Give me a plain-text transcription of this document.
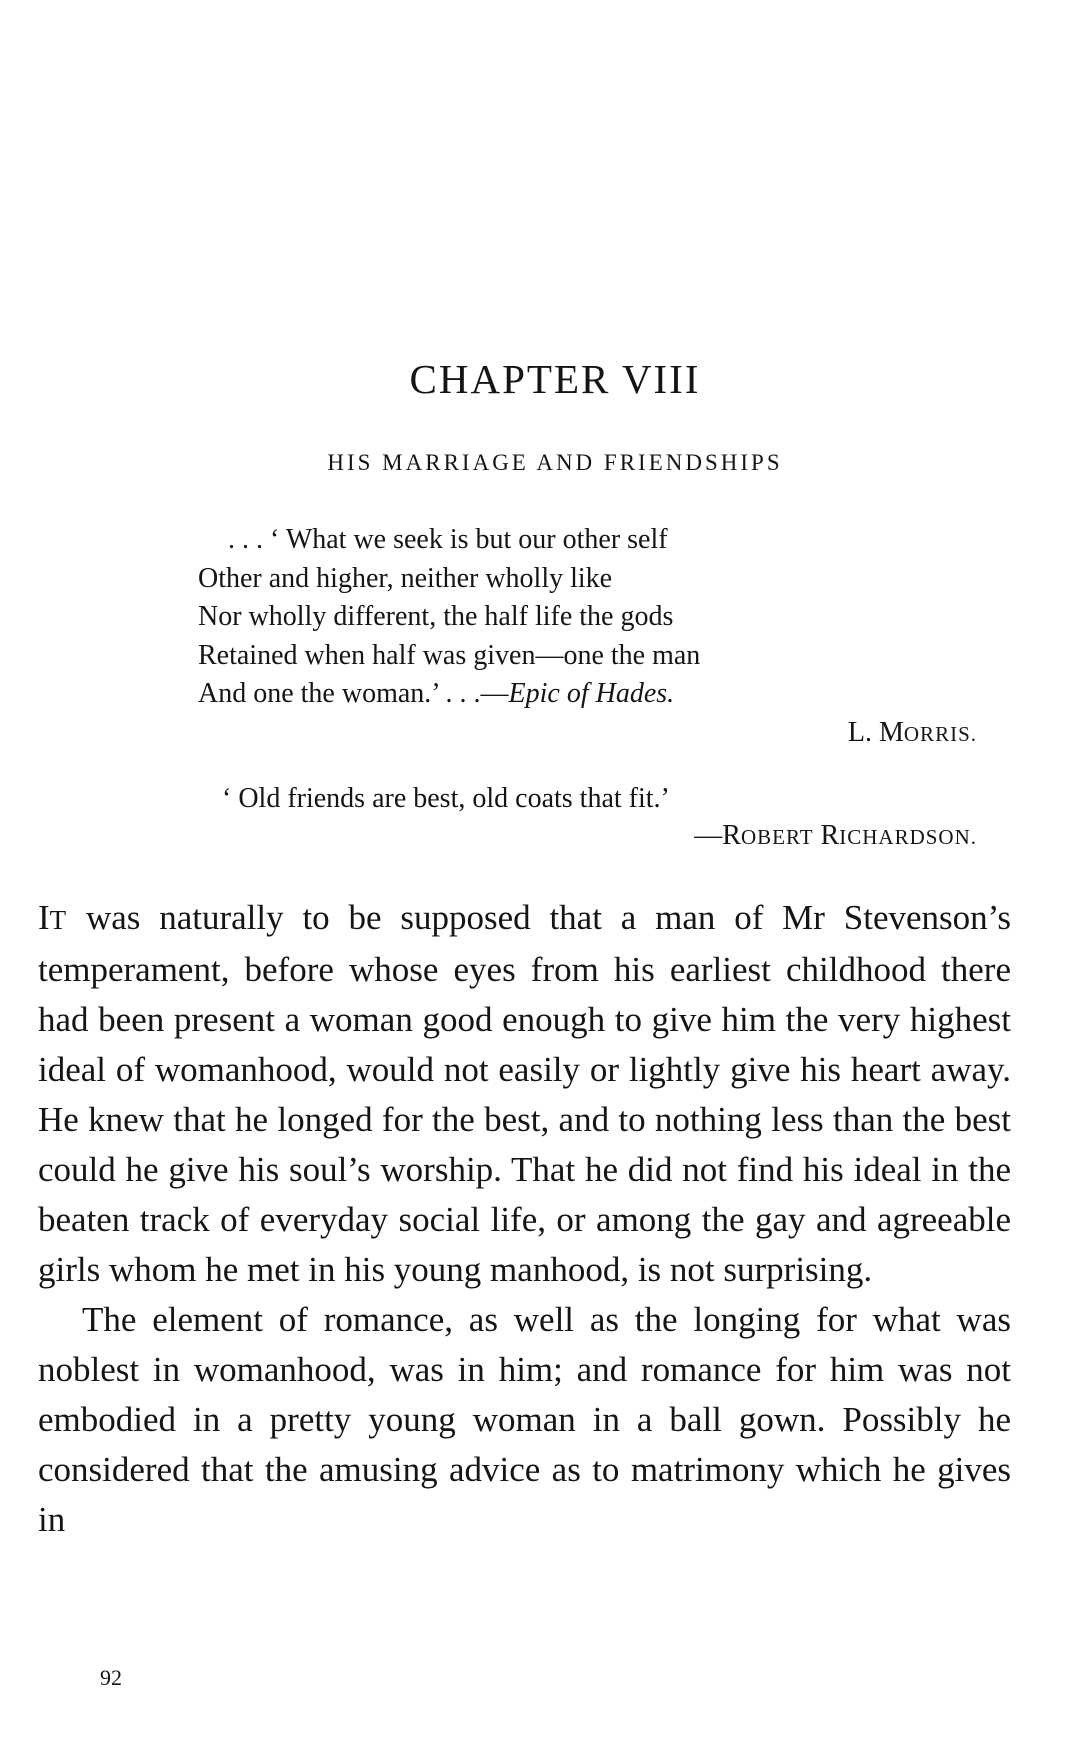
CHAPTER VIII
HIS MARRIAGE AND FRIENDSHIPS
. . . ‘ What we seek is but our other self
Other and higher, neither wholly like
Nor wholly different, the half life the gods
Retained when half was given—one the man
And one the woman.’ . . .—Epic of Hades.
L. MORRIS.
‘ Old friends are best, old coats that fit.’
—ROBERT RICHARDSON.

IT was naturally to be supposed that a man of Mr Stevenson’s temperament, before whose eyes from his earliest childhood there had been present a woman good enough to give him the very highest ideal of womanhood, would not easily or lightly give his heart away. He knew that he longed for the best, and to nothing less than the best could he give his soul’s worship. That he did not find his ideal in the beaten track of everyday social life, or among the gay and agreeable girls whom he met in his young manhood, is not surprising.

The element of romance, as well as the longing for what was noblest in womanhood, was in him; and romance for him was not embodied in a pretty young woman in a ball gown. Possibly he considered that the amusing advice as to matrimony which he gives in

92
